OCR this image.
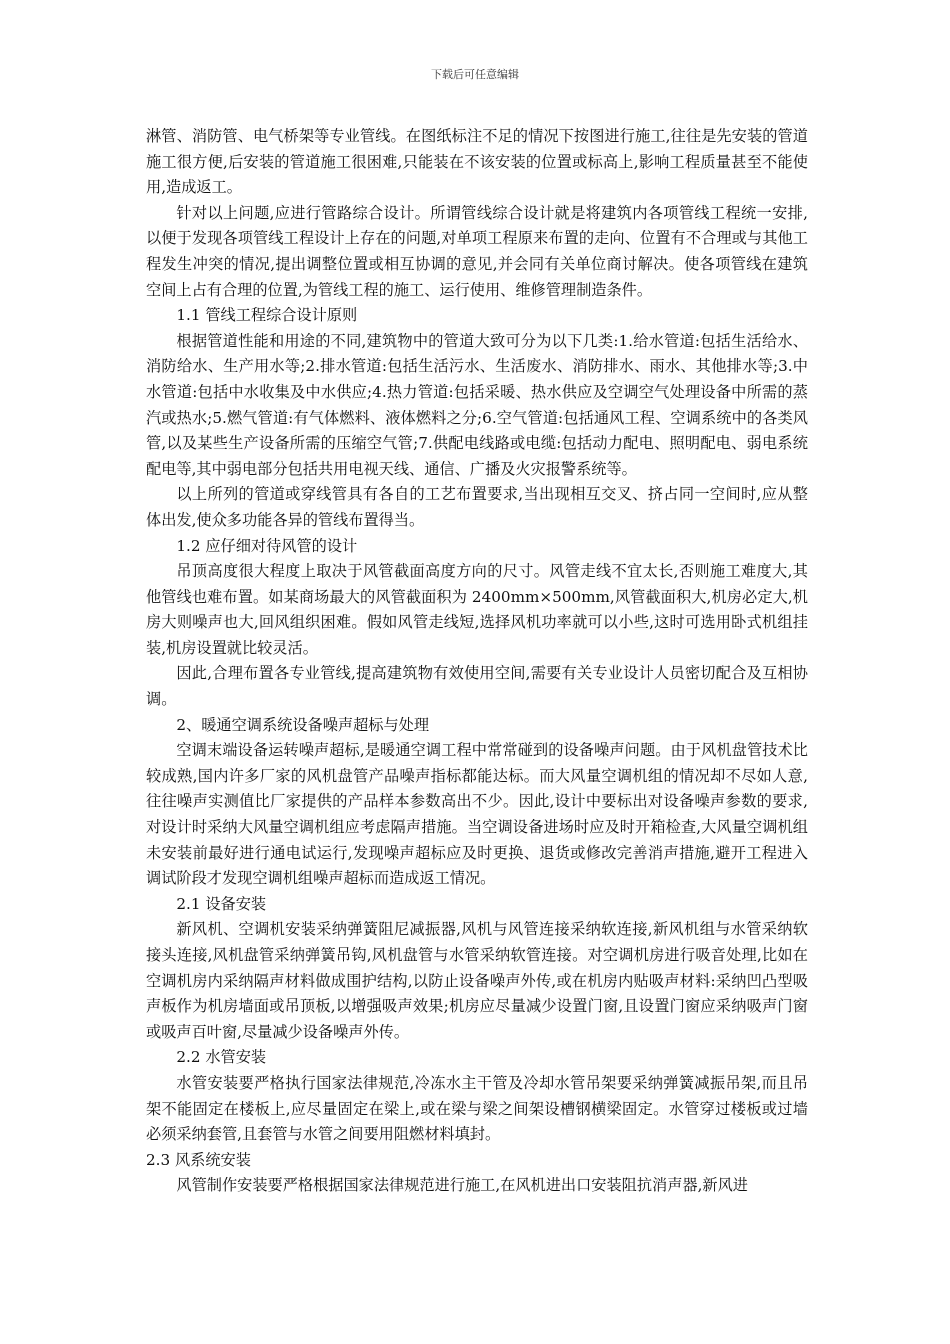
下载后可任意编辑

淋管、消防管、电气桥架等专业管线。在图纸标注不足的情况下按图进行施工,往往是先安装的管道施工很方便,后安装的管道施工很困难,只能装在不该安装的位置或标高上,影响工程质量甚至不能使用,造成返工。

针对以上问题,应进行管路综合设计。所谓管线综合设计就是将建筑内各项管线工程统一安排,以便于发现各项管线工程设计上存在的问题,对单项工程原来布置的走向、位置有不合理或与其他工程发生冲突的情况,提出调整位置或相互协调的意见,并会同有关单位商讨解决。使各项管线在建筑空间上占有合理的位置,为管线工程的施工、运行使用、维修管理制造条件。

1.1 管线工程综合设计原则

根据管道性能和用途的不同,建筑物中的管道大致可分为以下几类:1.给水管道:包括生活给水、消防给水、生产用水等;2.排水管道:包括生活污水、生活废水、消防排水、雨水、其他排水等;3.中水管道:包括中水收集及中水供应;4.热力管道:包括采暖、热水供应及空调空气处理设备中所需的蒸汽或热水;5.燃气管道:有气体燃料、液体燃料之分;6.空气管道:包括通风工程、空调系统中的各类风管,以及某些生产设备所需的压缩空气管;7.供配电线路或电缆:包括动力配电、照明配电、弱电系统配电等,其中弱电部分包括共用电视天线、通信、广播及火灾报警系统等。

以上所列的管道或穿线管具有各自的工艺布置要求,当出现相互交叉、挤占同一空间时,应从整体出发,使众多功能各异的管线布置得当。

1.2 应仔细对待风管的设计

吊顶高度很大程度上取决于风管截面高度方向的尺寸。风管走线不宜太长,否则施工难度大,其他管线也难布置。如某商场最大的风管截面积为 2400mm×500mm,风管截面积大,机房必定大,机房大则噪声也大,回风组织困难。假如风管走线短,选择风机功率就可以小些,这时可选用卧式机组挂装,机房设置就比较灵活。

因此,合理布置各专业管线,提高建筑物有效使用空间,需要有关专业设计人员密切配合及互相协调。

2、暖通空调系统设备噪声超标与处理

空调末端设备运转噪声超标,是暖通空调工程中常常碰到的设备噪声问题。由于风机盘管技术比较成熟,国内许多厂家的风机盘管产品噪声指标都能达标。而大风量空调机组的情况却不尽如人意,往往噪声实测值比厂家提供的产品样本参数高出不少。因此,设计中要标出对设备噪声参数的要求,对设计时采纳大风量空调机组应考虑隔声措施。当空调设备进场时应及时开箱检查,大风量空调机组未安装前最好进行通电试运行,发现噪声超标应及时更换、退货或修改完善消声措施,避开工程进入调试阶段才发现空调机组噪声超标而造成返工情况。

2.1 设备安装

新风机、空调机安装采纳弹簧阻尼减振器,风机与风管连接采纳软连接,新风机组与水管采纳软接头连接,风机盘管采纳弹簧吊钩,风机盘管与水管采纳软管连接。对空调机房进行吸音处理,比如在空调机房内采纳隔声材料做成围护结构,以防止设备噪声外传,或在机房内贴吸声材料:采纳凹凸型吸声板作为机房墙面或吊顶板,以增强吸声效果;机房应尽量减少设置门窗,且设置门窗应采纳吸声门窗或吸声百叶窗,尽量减少设备噪声外传。

2.2 水管安装

水管安装要严格执行国家法律规范,冷冻水主干管及冷却水管吊架要采纳弹簧减振吊架,而且吊架不能固定在楼板上,应尽量固定在梁上,或在梁与梁之间架设槽钢横梁固定。水管穿过楼板或过墙必须采纳套管,且套管与水管之间要用阻燃材料填封。

2.3 风系统安装

风管制作安装要严格根据国家法律规范进行施工,在风机进出口安装阻抗消声器,新风进
